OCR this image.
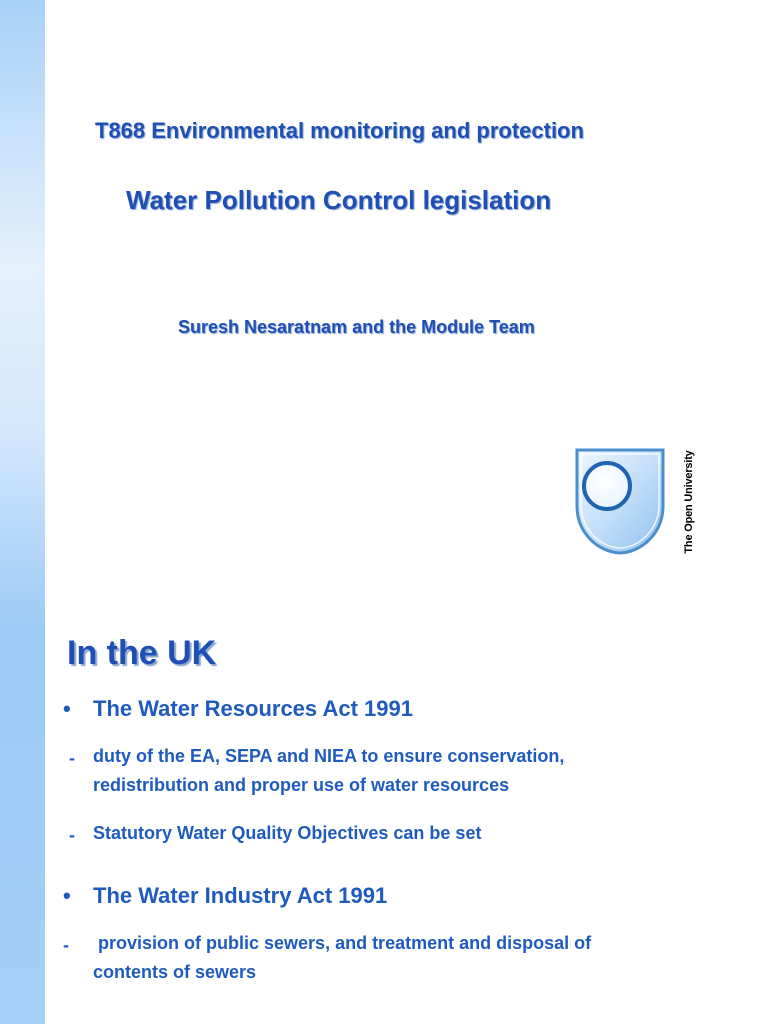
T868 Environmental monitoring and protection
Water Pollution Control legislation

Suresh Nesaratnam and the Module Team

The Open University
In the UK
• The Water Resources Act 1991
- duty of the EA, SEPA and NIEA to ensure conservation, redistribution and proper use of water resources

- Statutory Water Quality Objectives can be set

• The Water Industry Act 1991
- provision of public sewers, and treatment and disposal of contents of sewers
